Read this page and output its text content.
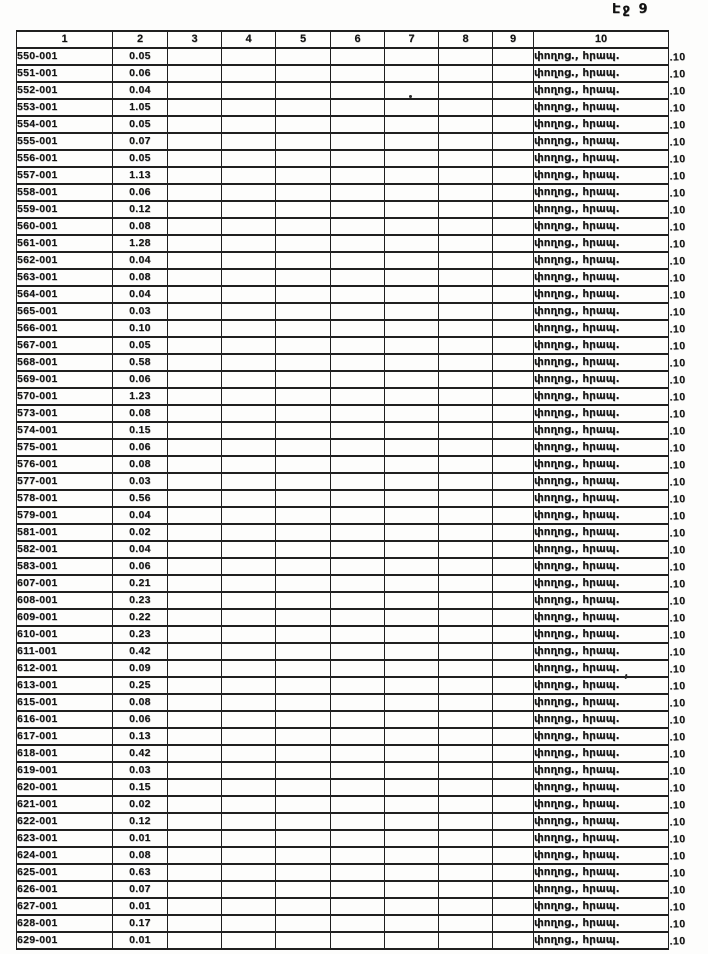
Էջ 9
1	2	3	4	5	6	7	8	9	10	
550-001	0.05								փողոց., հրապ.	.10
551-001	0.06								փողոց., հրապ.	.10
552-001	0.04								փողոց., հրապ.	.10
553-001	1.05								փողոց., հրապ.	.10
554-001	0.05								փողոց., հրապ.	.10
555-001	0.07								փողոց., հրապ.	.10
556-001	0.05								փողոց., հրապ.	.10
557-001	1.13								փողոց., հրապ.	.10
558-001	0.06								փողոց., հրապ.	.10
559-001	0.12								փողոց., հրապ.	.10
560-001	0.08								փողոց., հրապ.	.10
561-001	1.28								փողոց., հրապ.	.10
562-001	0.04								փողոց., հրապ.	.10
563-001	0.08								փողոց., հրապ.	.10
564-001	0.04								փողոց., հրապ.	.10
565-001	0.03								փողոց., հրապ.	.10
566-001	0.10								փողոց., հրապ.	.10
567-001	0.05								փողոց., հրապ.	.10
568-001	0.58								փողոց., հրապ.	.10
569-001	0.06								փողոց., հրապ.	.10
570-001	1.23								փողոց., հրապ.	.10
573-001	0.08								փողոց., հրապ.	.10
574-001	0.15								փողոց., հրապ.	.10
575-001	0.06								փողոց., հրապ.	.10
576-001	0.08								փողոց., հրապ.	.10
577-001	0.03								փողոց., հրապ.	.10
578-001	0.56								փողոց., հրապ.	.10
579-001	0.04								փողոց., հրապ.	.10
581-001	0.02								փողոց., հրապ.	.10
582-001	0.04								փողոց., հրապ.	.10
583-001	0.06								փողոց., հրապ.	.10
607-001	0.21								փողոց., հրապ.	.10
608-001	0.23								փողոց., հրապ.	.10
609-001	0.22								փողոց., հրապ.	.10
610-001	0.23								փողոց., հրապ.	.10
611-001	0.42								փողոց., հրապ.	.10
612-001	0.09								փողոց., հրապ.	.10
613-001	0.25								փողոց., հրապ.	.10
615-001	0.08								փողոց., հրապ.	.10
616-001	0.06								փողոց., հրապ.	.10
617-001	0.13								փողոց., հրապ.	.10
618-001	0.42								փողոց., հրապ.	.10
619-001	0.03								փողոց., հրապ.	.10
620-001	0.15								փողոց., հրապ.	.10
621-001	0.02								փողոց., հրապ.	.10
622-001	0.12								փողոց., հրապ.	.10
623-001	0.01								փողոց., հրապ.	.10
624-001	0.08								փողոց., հրապ.	.10
625-001	0.63								փողոց., հրապ.	.10
626-001	0.07								փողոց., հրապ.	.10
627-001	0.01								փողոց., հրապ.	.10
628-001	0.17								փողոց., հրապ.	.10
629-001	0.01								փողոց., հրապ.	.10
